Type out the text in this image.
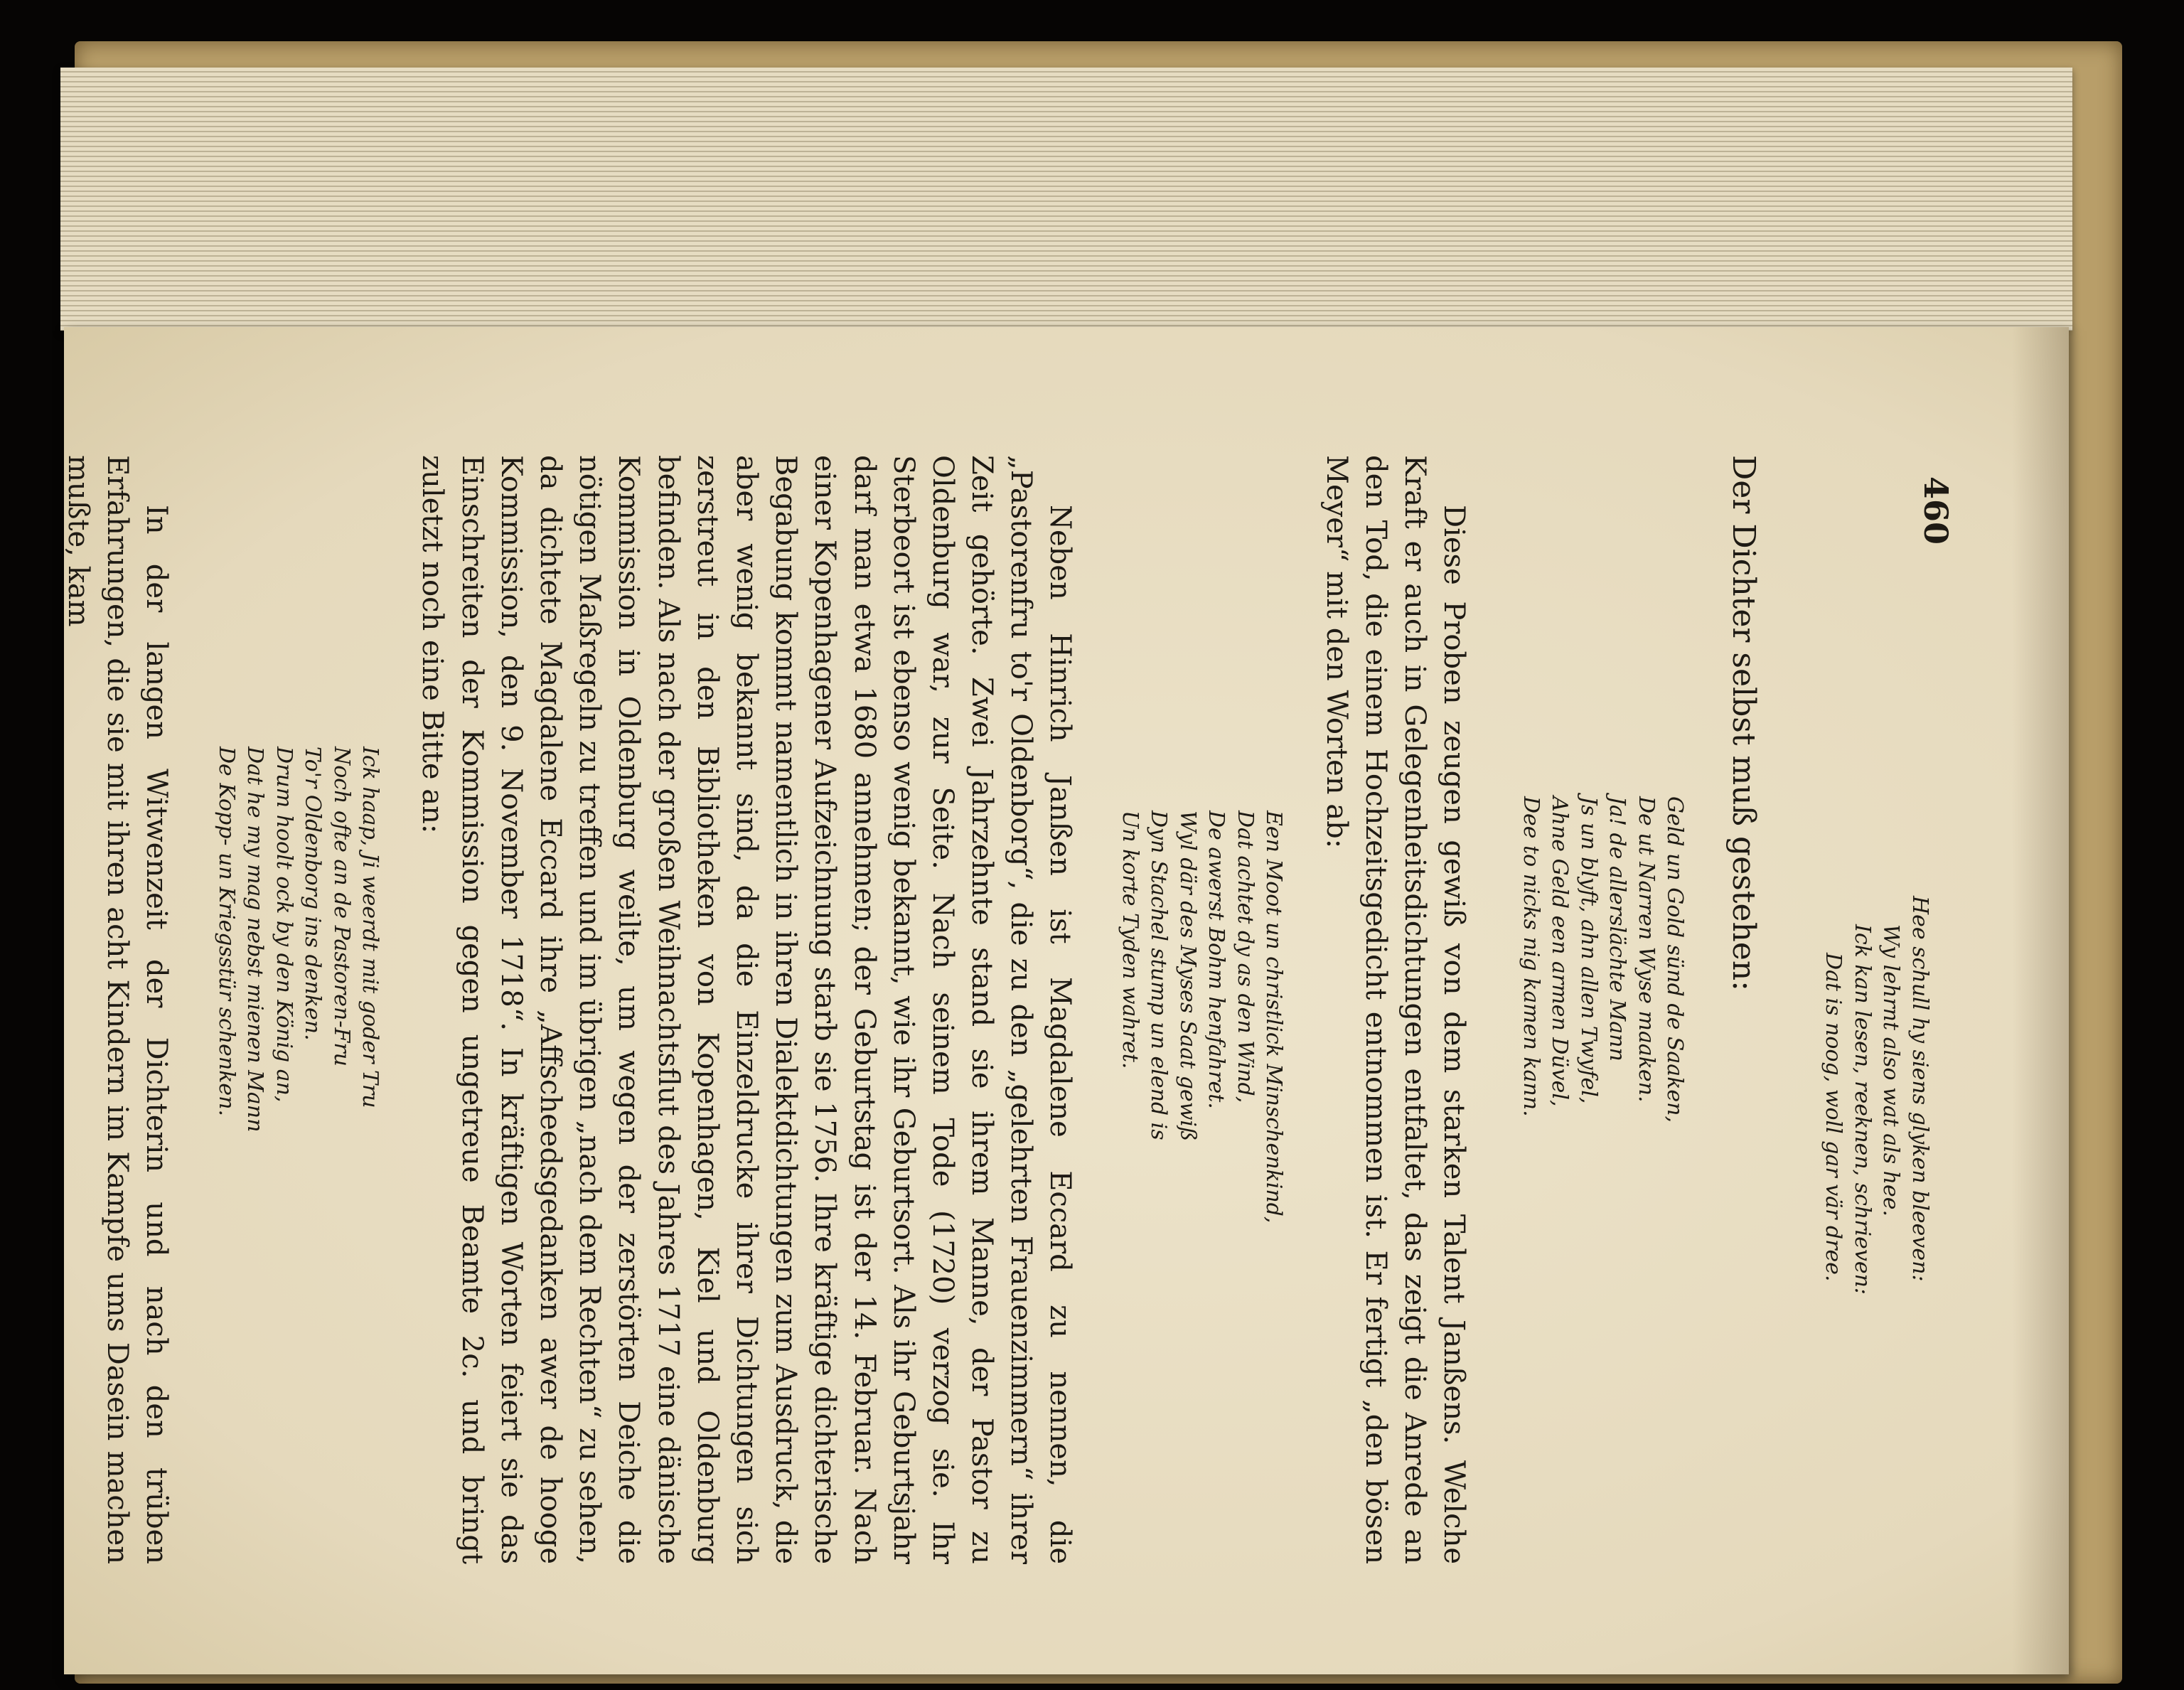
460
Hee schull hy siens glyken bleeven:
Wy lehrnt also wat als hee.
Ick kan lesen, reeknen, schrieven:
Dat is noog, woll gar vär dree.
Der Dichter selbst muß gestehen:
Geld un Gold sünd de Saaken,
De ut Narren Wyse maaken.
Ja! de allerslächte Mann
Js un blyft, ahn allen Twyfel,
Ahne Geld een armen Düvel,
Dee to nicks nig kamen kann.

Diese Proben zeugen gewiß von dem starken Talent Janßens. Welche Kraft er auch in Gelegenheitsdichtungen entfaltet, das zeigt die Anrede an den Tod, die einem Hochzeitsgedicht entnommen ist. Er fertigt „den bösen Meyer“ mit den Worten ab:

Een Moot un christlick Minschenkind,
Dat achtet dy as den Wind,
De awerst Bohm henfahret.
Wyl där des Myses Saat gewiß
Dyn Stachel stump un elend is
Un korte Tyden wahret.

Neben Hinrich Janßen ist Magdalene Eccard zu nennen, die „Pastorenfru to'r Oldenborg“, die zu den „gelehrten Frauenzimmern“ ihrer Zeit gehörte. Zwei Jahrzehnte stand sie ihrem Manne, der Pastor zu Oldenburg war, zur Seite. Nach seinem Tode (1720) verzog sie. Ihr Sterbeort ist ebenso wenig bekannt, wie ihr Geburtsort. Als ihr Geburtsjahr darf man etwa 1680 annehmen; der Geburtstag ist der 14. Februar. Nach einer Kopenhagener Aufzeichnung starb sie 1756. Ihre kräftige dichterische Begabung kommt namentlich in ihren Dialektdichtungen zum Ausdruck, die aber wenig bekannt sind, da die Einzeldrucke ihrer Dichtungen sich zerstreut in den Bibliotheken von Kopenhagen, Kiel und Oldenburg befinden. Als nach der großen Weihnachtsflut des Jahres 1717 eine dänische Kommission in Oldenburg weilte, um wegen der zerstörten Deiche die nötigen Maßregeln zu treffen und im übrigen „nach dem Rechten“ zu sehen, da dichtete Magdalene Eccard ihre „Affscheedsgedanken awer de hooge Kommission, den 9. November 1718“. In kräftigen Worten feiert sie das Einschreiten der Kommission gegen ungetreue Beamte 2c. und bringt zuletzt noch eine Bitte an:

Ick haap, Ji weerdt mit goder Tru
Noch ofte an de Pastoren-Fru
To'r Oldenborg ins denken.
Drum hoolt ock by den König an,
Dat he my mag nebst mienen Mann
De Kopp- un Kriegsstür schenken.

In der langen Witwenzeit der Dichterin und nach den trüben Erfahrungen, die sie mit ihren acht Kindern im Kampfe ums Dasein machen mußte, kam
